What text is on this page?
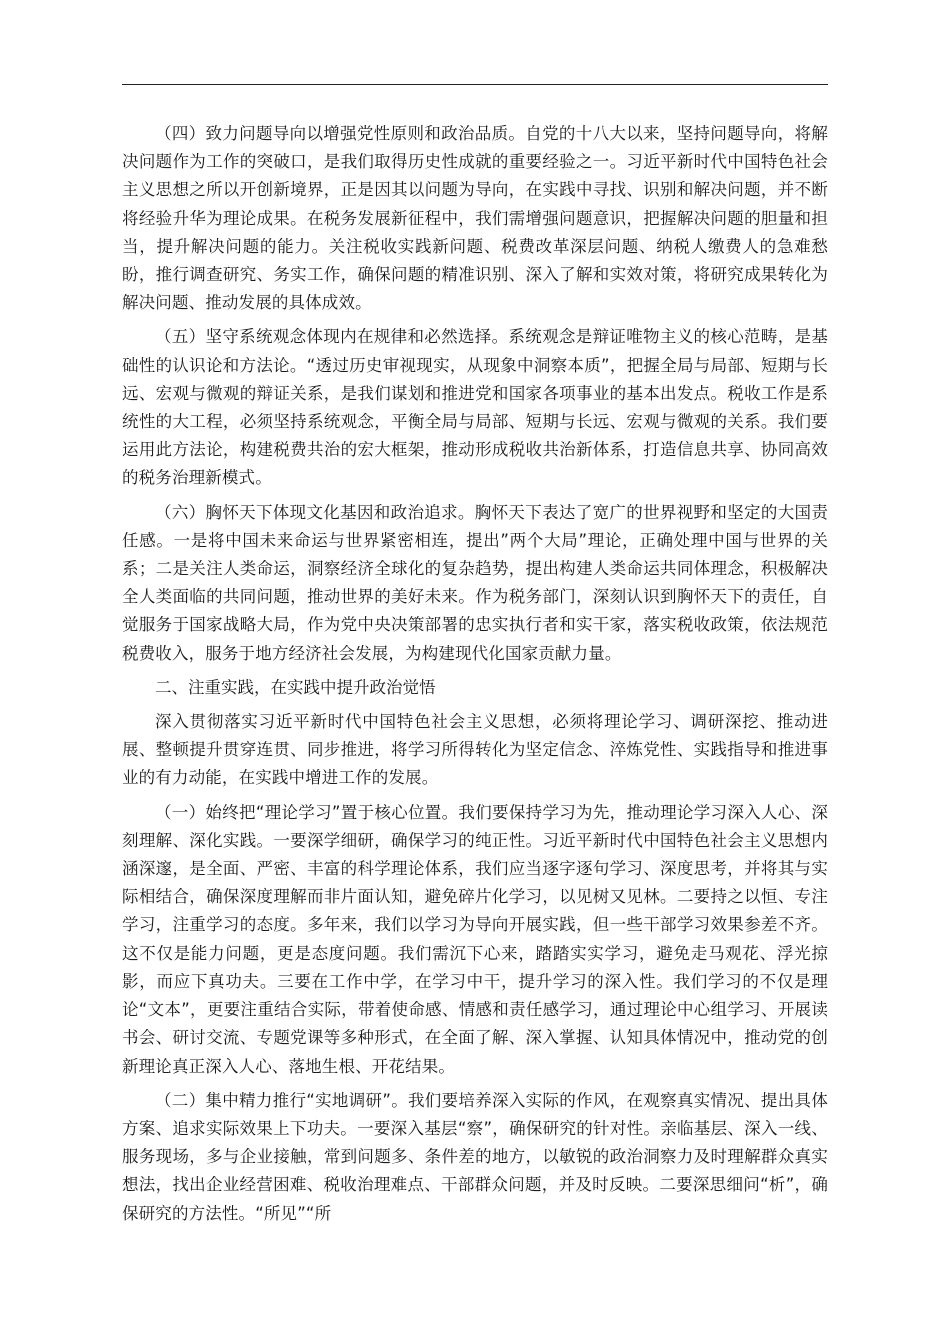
（四）致力问题导向以增强党性原则和政治品质。自党的十八大以来，坚持问题导向，将解决问题作为工作的突破口，是我们取得历史性成就的重要经验之一。习近平新时代中国特色社会主义思想之所以开创新境界，正是因其以问题为导向，在实践中寻找、识别和解决问题，并不断将经验升华为理论成果。在税务发展新征程中，我们需增强问题意识，把握解决问题的胆量和担当，提升解决问题的能力。关注税收实践新问题、税费改革深层问题、纳税人缴费人的急难愁盼，推行调查研究、务实工作，确保问题的精准识别、深入了解和实效对策，将研究成果转化为解决问题、推动发展的具体成效。

（五）坚守系统观念体现内在规律和必然选择。系统观念是辩证唯物主义的核心范畴，是基础性的认识论和方法论。“透过历史审视现实，从现象中洞察本质”，把握全局与局部、短期与长远、宏观与微观的辩证关系，是我们谋划和推进党和国家各项事业的基本出发点。税收工作是系统性的大工程，必须坚持系统观念，平衡全局与局部、短期与长远、宏观与微观的关系。我们要运用此方法论，构建税费共治的宏大框架，推动形成税收共治新体系，打造信息共享、协同高效的税务治理新模式。

（六）胸怀天下体现文化基因和政治追求。胸怀天下表达了宽广的世界视野和坚定的大国责任感。一是将中国未来命运与世界紧密相连，提出”两个大局”理论，正确处理中国与世界的关系；二是关注人类命运，洞察经济全球化的复杂趋势，提出构建人类命运共同体理念，积极解决全人类面临的共同问题，推动世界的美好未来。作为税务部门，深刻认识到胸怀天下的责任，自觉服务于国家战略大局，作为党中央决策部署的忠实执行者和实干家，落实税收政策，依法规范税费收入，服务于地方经济社会发展，为构建现代化国家贡献力量。

二、注重实践，在实践中提升政治觉悟

深入贯彻落实习近平新时代中国特色社会主义思想，必须将理论学习、调研深挖、推动进展、整顿提升贯穿连贯、同步推进，将学习所得转化为坚定信念、淬炼党性、实践指导和推进事业的有力动能，在实践中增进工作的发展。

（一）始终把“理论学习”置于核心位置。我们要保持学习为先，推动理论学习深入人心、深刻理解、深化实践。一要深学细研，确保学习的纯正性。习近平新时代中国特色社会主义思想内涵深邃，是全面、严密、丰富的科学理论体系，我们应当逐字逐句学习、深度思考，并将其与实际相结合，确保深度理解而非片面认知，避免碎片化学习，以见树又见林。二要持之以恒、专注学习，注重学习的态度。多年来，我们以学习为导向开展实践，但一些干部学习效果参差不齐。这不仅是能力问题，更是态度问题。我们需沉下心来，踏踏实实学习，避免走马观花、浮光掠影，而应下真功夫。三要在工作中学，在学习中干，提升学习的深入性。我们学习的不仅是理论“文本”，更要注重结合实际，带着使命感、情感和责任感学习，通过理论中心组学习、开展读书会、研讨交流、专题党课等多种形式，在全面了解、深入掌握、认知具体情况中，推动党的创新理论真正深入人心、落地生根、开花结果。

（二）集中精力推行“实地调研”。我们要培养深入实际的作风，在观察真实情况、提出具体方案、追求实际效果上下功夫。一要深入基层“察”，确保研究的针对性。亲临基层、深入一线、服务现场，多与企业接触，常到问题多、条件差的地方，以敏锐的政治洞察力及时理解群众真实想法，找出企业经营困难、税收治理难点、干部群众问题，并及时反映。二要深思细问“析”，确保研究的方法性。“所见”“所
